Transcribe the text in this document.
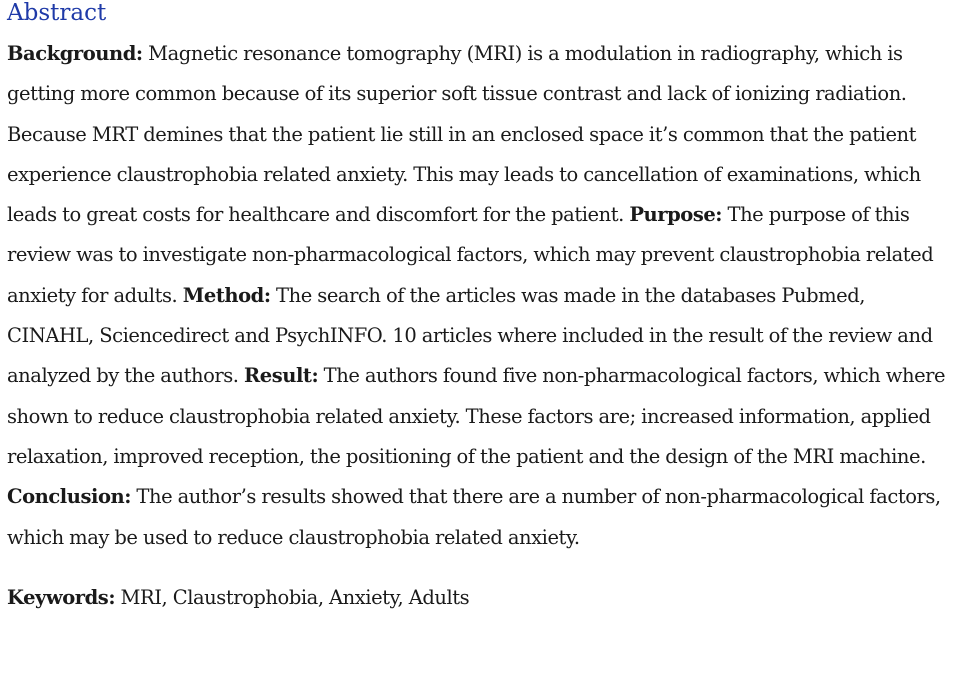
Abstract

Background: Magnetic resonance tomography (MRI) is a modulation in radiography, which is getting more common because of its superior soft tissue contrast and lack of ionizing radiation. Because MRT demines that the patient lie still in an enclosed space it’s common that the patient experience claustrophobia related anxiety. This may leads to cancellation of examinations, which leads to great costs for healthcare and discomfort for the patient. Purpose: The purpose of this review was to investigate non-pharmacological factors, which may prevent claustrophobia related anxiety for adults. Method: The search of the articles was made in the databases Pubmed, CINAHL, Sciencedirect and PsychINFO. 10 articles where included in the result of the review and analyzed by the authors. Result: The authors found five non-pharmacological factors, which where shown to reduce claustrophobia related anxiety. These factors are; increased information, applied relaxation, improved reception, the positioning of the patient and the design of the MRI machine. Conclusion: The author’s results showed that there are a number of non-pharmacological factors, which may be used to reduce claustrophobia related anxiety.

Keywords: MRI, Claustrophobia, Anxiety, Adults
